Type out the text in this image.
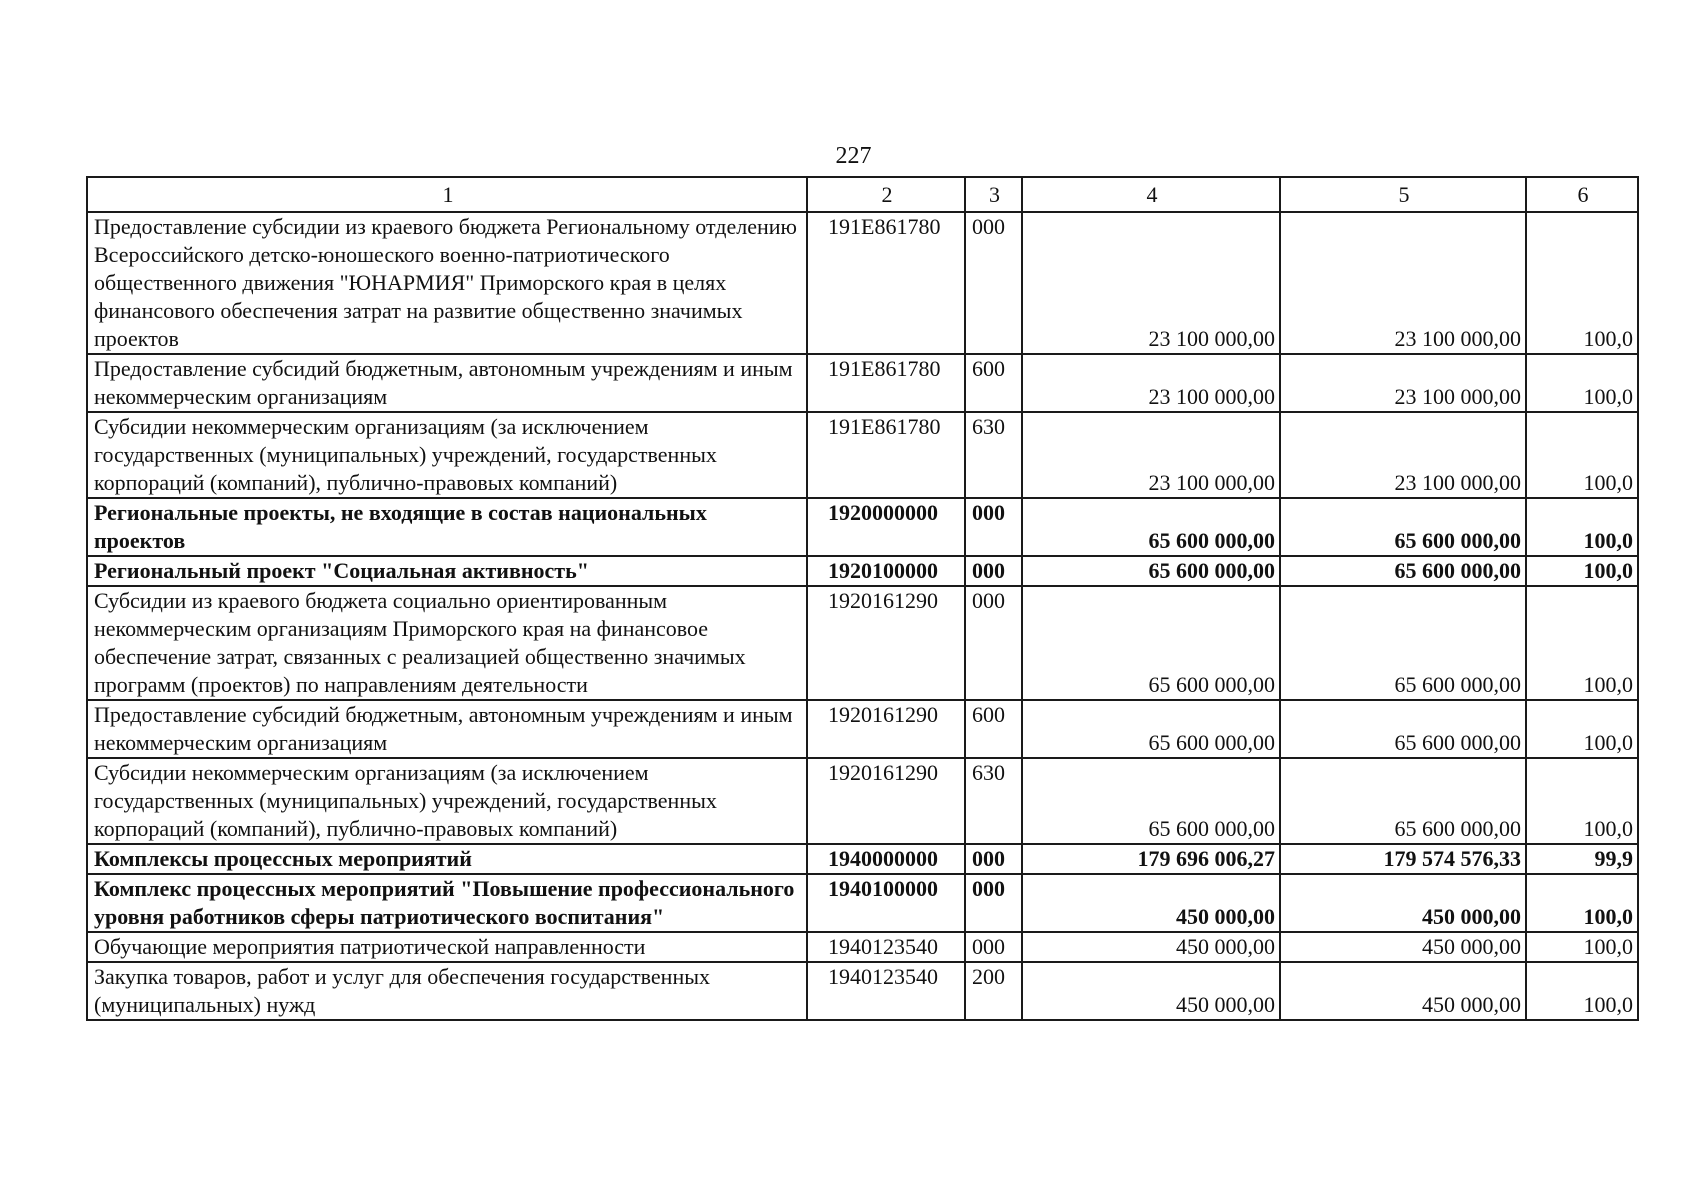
227
1	2	3	4	5	6
Предоставление субсидии из краевого бюджета Региональному отделению Всероссийского детско-юношеского военно-патриотического общественного движения "ЮНАРМИЯ" Приморского края в целях финансового обеспечения затрат на развитие общественно значимых проектов	191E861780	000	23 100 000,00	23 100 000,00	100,0
Предоставление субсидий бюджетным, автономным учреждениям и иным некоммерческим организациям	191E861780	600	23 100 000,00	23 100 000,00	100,0
Субсидии некоммерческим организациям (за исключением государственных (муниципальных) учреждений, государственных корпораций (компаний), публично-правовых компаний)	191E861780	630	23 100 000,00	23 100 000,00	100,0
Региональные проекты, не входящие в состав национальных проектов	1920000000	000	65 600 000,00	65 600 000,00	100,0
Региональный проект "Социальная активность"	1920100000	000	65 600 000,00	65 600 000,00	100,0
Субсидии из краевого бюджета социально ориентированным некоммерческим организациям Приморского края на финансовое обеспечение затрат, связанных с реализацией общественно значимых программ (проектов) по направлениям деятельности	1920161290	000	65 600 000,00	65 600 000,00	100,0
Предоставление субсидий бюджетным, автономным учреждениям и иным некоммерческим организациям	1920161290	600	65 600 000,00	65 600 000,00	100,0
Субсидии некоммерческим организациям (за исключением государственных (муниципальных) учреждений, государственных корпораций (компаний), публично-правовых компаний)	1920161290	630	65 600 000,00	65 600 000,00	100,0
Комплексы процессных мероприятий	1940000000	000	179 696 006,27	179 574 576,33	99,9
Комплекс процессных мероприятий "Повышение профессионального уровня работников сферы патриотического воспитания"	1940100000	000	450 000,00	450 000,00	100,0
Обучающие мероприятия патриотической направленности	1940123540	000	450 000,00	450 000,00	100,0
Закупка товаров, работ и услуг для обеспечения государственных (муниципальных) нужд	1940123540	200	450 000,00	450 000,00	100,0
